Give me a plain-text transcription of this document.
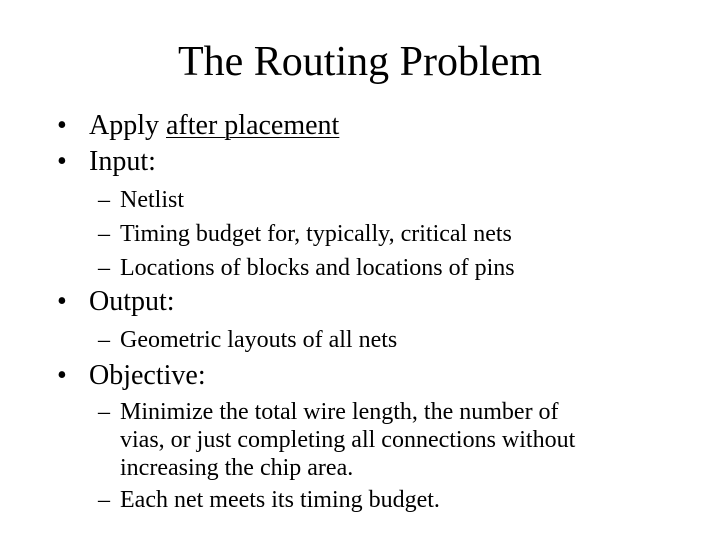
The Routing Problem
• Apply after placement
• Input:
– Netlist
– Timing budget for, typically, critical nets
– Locations of blocks and locations of pins
• Output:
– Geometric layouts of all nets
• Objective:
– Minimize the total wire length, the number of
vias, or just completing all connections without
increasing the chip area.
– Each net meets its timing budget.
